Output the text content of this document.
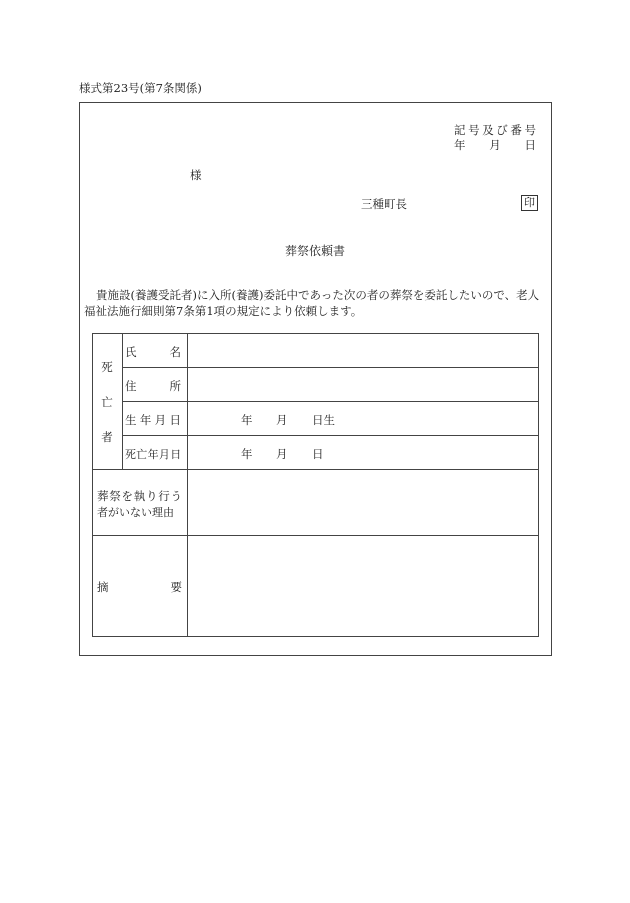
様式第23号(第7条関係)
記 号 及 び 番 号
年 月 日
様
三種町長	印
葬祭依頼書
貴施設(養護受託者)に入所(養護)委託中であった次の者の葬祭を委託したいので、老人福祉法施行細則第7条第1項の規定により依頼します。
死
亡
者
氏	名
住	所
生 年 月 日	年 月 日生
死亡年月日	年 月 日
葬 祭 を 執 り 行 う
者がいない理由
摘	要
